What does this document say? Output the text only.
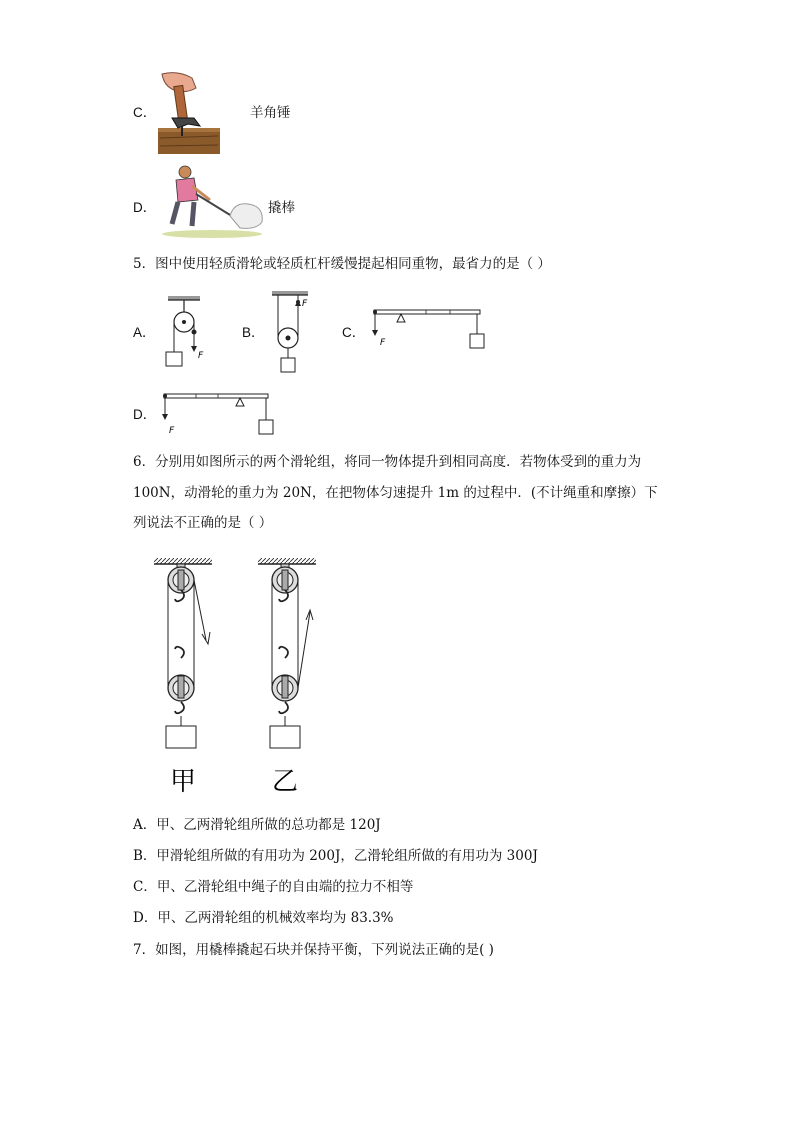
C．	羊角锤
D．	撬棒
5．图中使用轻质滑轮或轻质杠杆缓慢提起相同重物，最省力的是（ ）
A．
F
B．
F
C．
F
D．
F
6．分别用如图所示的两个滑轮组，将同一物体提升到相同高度．若物体受到的重力为
100N，动滑轮的重力为 20N，在把物体匀速提升 1m 的过程中．(不计绳重和摩擦）下
列说法不正确的是（ ）
甲	乙
A．甲、乙两滑轮组所做的总功都是 120J
B．甲滑轮组所做的有用功为 200J，乙滑轮组所做的有用功为 300J
C．甲、乙滑轮组中绳子的自由端的拉力不相等
D．甲、乙两滑轮组的机械效率均为 83.3%
7．如图，用橇棒撬起石块并保持平衡，下列说法正确的是( )
